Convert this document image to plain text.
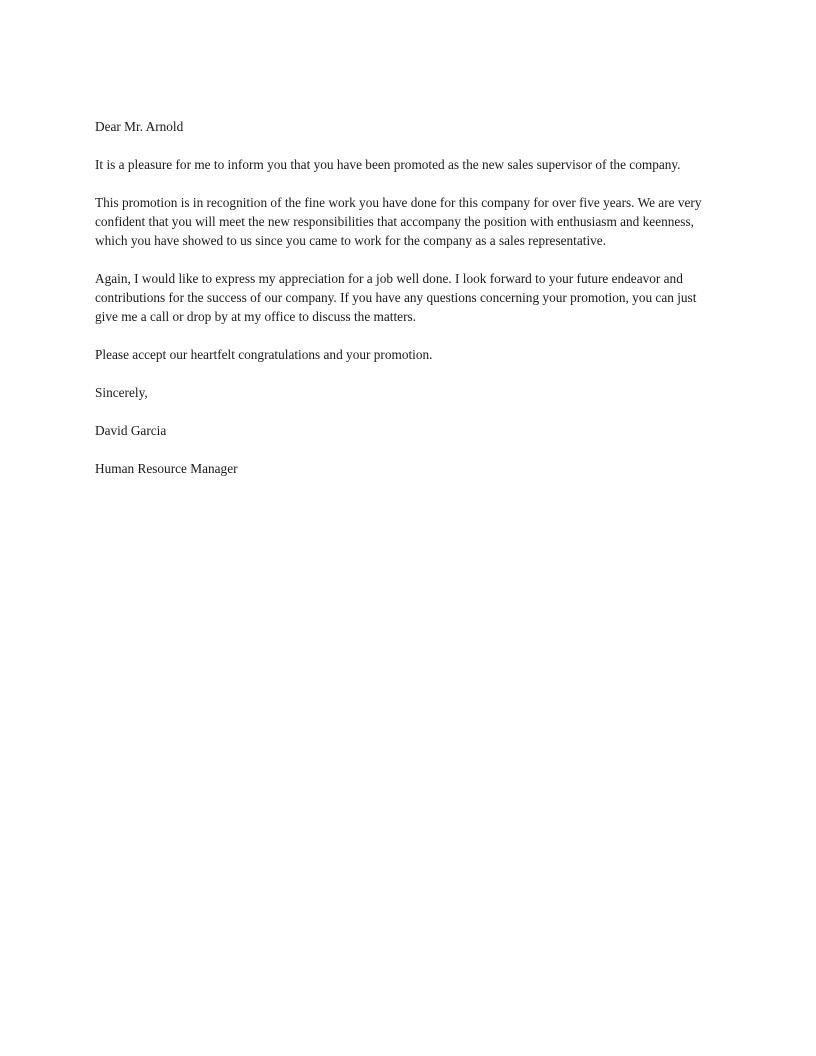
Dear Mr. Arnold

It is a pleasure for me to inform you that you have been promoted as the new sales supervisor of the company.

This promotion is in recognition of the fine work you have done for this company for over five years. We are very confident that you will meet the new responsibilities that accompany the position with enthusiasm and keenness, which you have showed to us since you came to work for the company as a sales representative.

Again, I would like to express my appreciation for a job well done. I look forward to your future endeavor and contributions for the success of our company. If you have any questions concerning your promotion, you can just give me a call or drop by at my office to discuss the matters.

Please accept our heartfelt congratulations and your promotion.

Sincerely,

David Garcia

Human Resource Manager
